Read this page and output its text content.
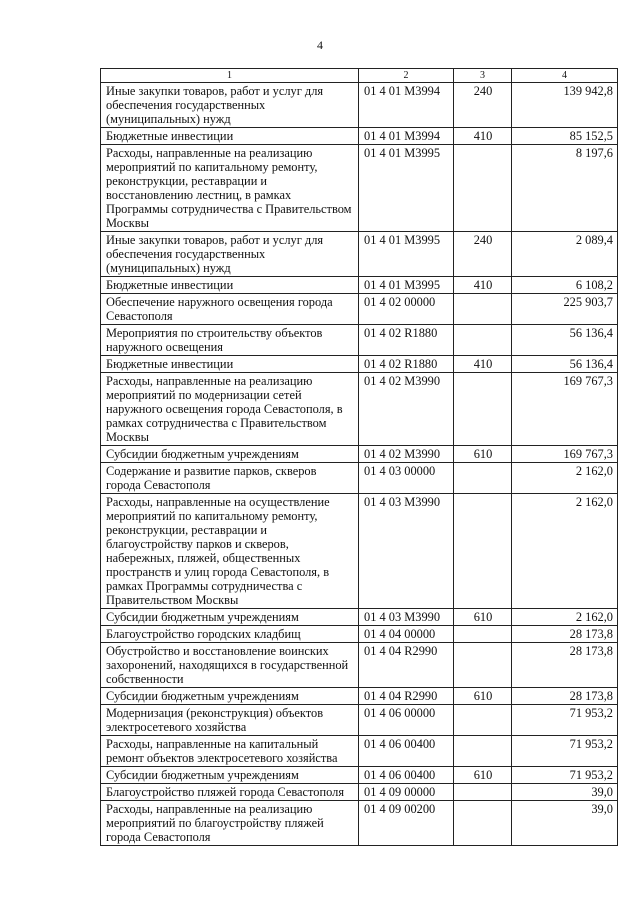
4
1	2	3	4
Иные закупки товаров, работ и услуг для обеспечения государственных (муниципальных) нужд	01 4 01 M3994	240	139 942,8
Бюджетные инвестиции	01 4 01 M3994	410	85 152,5
Расходы, направленные на реализацию мероприятий по капитальному ремонту, реконструкции, реставрации и восстановлению лестниц, в рамках Программы сотрудничества с Правительством Москвы	01 4 01 M3995		8 197,6
Иные закупки товаров, работ и услуг для обеспечения государственных (муниципальных) нужд	01 4 01 M3995	240	2 089,4
Бюджетные инвестиции	01 4 01 M3995	410	6 108,2
Обеспечение наружного освещения города Севастополя	01 4 02 00000		225 903,7
Мероприятия по строительству объектов наружного освещения	01 4 02 R1880		56 136,4
Бюджетные инвестиции	01 4 02 R1880	410	56 136,4
Расходы, направленные на реализацию мероприятий по модернизации сетей наружного освещения города Севастополя, в рамках сотрудничества с Правительством Москвы	01 4 02 M3990		169 767,3
Субсидии бюджетным учреждениям	01 4 02 M3990	610	169 767,3
Содержание и развитие парков, скверов города Севастополя	01 4 03 00000		2 162,0
Расходы, направленные на осуществление мероприятий по капитальному ремонту, реконструкции, реставрации и благоустройству парков и скверов, набережных, пляжей, общественных пространств и улиц города Севастополя, в рамках Программы сотрудничества с Правительством Москвы	01 4 03 M3990		2 162,0
Субсидии бюджетным учреждениям	01 4 03 M3990	610	2 162,0
Благоустройство городских кладбищ	01 4 04 00000		28 173,8
Обустройство и восстановление воинских захоронений, находящихся в государственной собственности	01 4 04 R2990		28 173,8
Субсидии бюджетным учреждениям	01 4 04 R2990	610	28 173,8
Модернизация (реконструкция) объектов электросетевого хозяйства	01 4 06 00000		71 953,2
Расходы, направленные на капитальный ремонт объектов электросетевого хозяйства	01 4 06 00400		71 953,2
Субсидии бюджетным учреждениям	01 4 06 00400	610	71 953,2
Благоустройство пляжей города Севастополя	01 4 09 00000		39,0
Расходы, направленные на реализацию мероприятий по благоустройству пляжей города Севастополя	01 4 09 00200		39,0
